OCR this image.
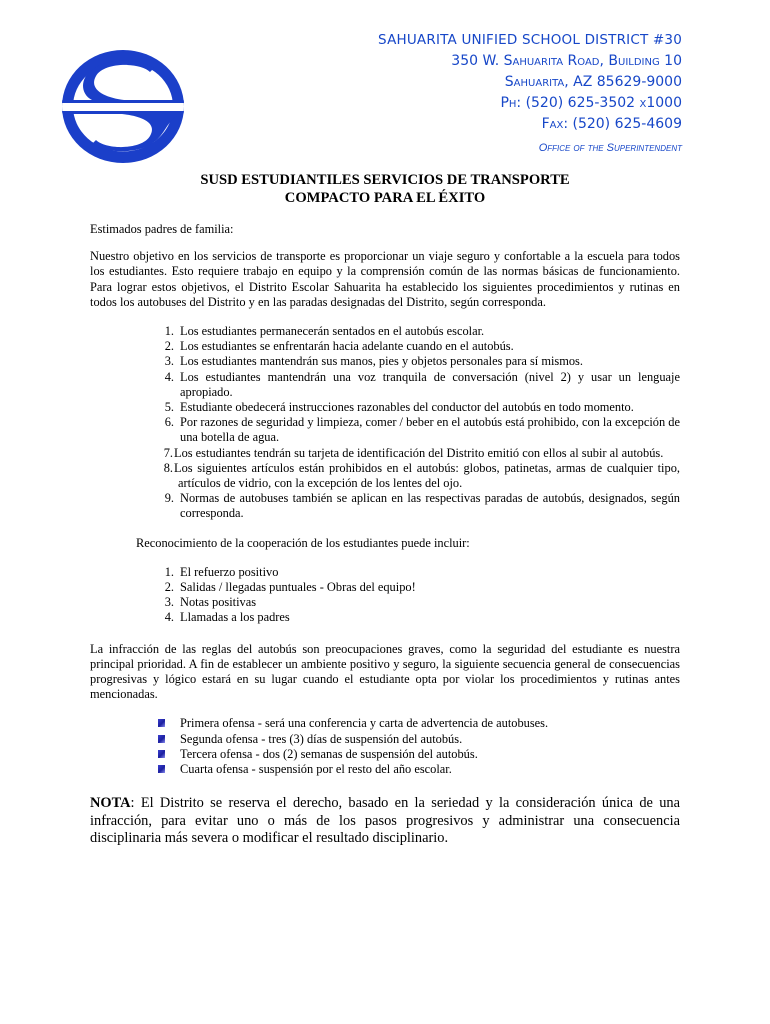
SAHUARITA UNIFIED SCHOOL DISTRICT #30
350 W. Sahuarita Road, Building 10
Sahuarita, AZ 85629-9000
Ph: (520) 625-3502 x1000
Fax: (520) 625-4609
Office of the Superintendent
SUSD ESTUDIANTILES SERVICIOS DE TRANSPORTE
COMPACTO PARA EL ÉXITO

Estimados padres de familia:

Nuestro objetivo en los servicios de transporte es proporcionar un viaje seguro y confortable a la escuela para todos los estudiantes. Esto requiere trabajo en equipo y la comprensión común de las normas básicas de funcionamiento. Para lograr estos objetivos, el Distrito Escolar Sahuarita ha establecido los siguientes procedimientos y rutinas en todos los autobuses del Distrito y en las paradas designadas del Distrito, según corresponda.

1. Los estudiantes permanecerán sentados en el autobús escolar.
2. Los estudiantes se enfrentarán hacia adelante cuando en el autobús.
3. Los estudiantes mantendrán sus manos, pies y objetos personales para sí mismos.
4. Los estudiantes mantendrán una voz tranquila de conversación (nivel 2) y usar un lenguaje apropiado.
5. Estudiante obedecerá instrucciones razonables del conductor del autobús en todo momento.
6. Por razones de seguridad y limpieza, comer / beber en el autobús está prohibido, con la excepción de una botella de agua.
7. Los estudiantes tendrán su tarjeta de identificación del Distrito emitió con ellos al subir al autobús.
8. Los siguientes artículos están prohibidos en el autobús: globos, patinetas, armas de cualquier tipo, artículos de vidrio, con la excepción de los lentes del ojo.
9. Normas de autobuses también se aplican en las respectivas paradas de autobús, designados, según corresponda.

Reconocimiento de la cooperación de los estudiantes puede incluir:

1. El refuerzo positivo
2. Salidas / llegadas puntuales - Obras del equipo!
3. Notas positivas
4. Llamadas a los padres

La infracción de las reglas del autobús son preocupaciones graves, como la seguridad del estudiante es nuestra principal prioridad. A fin de establecer un ambiente positivo y seguro, la siguiente secuencia general de consecuencias progresivas y lógico estará en su lugar cuando el estudiante opta por violar los procedimientos y rutinas antes mencionadas.

Primera ofensa - será una conferencia y carta de advertencia de autobuses.
Segunda ofensa - tres (3) días de suspensión del autobús.
Tercera ofensa - dos (2) semanas de suspensión del autobús.
Cuarta ofensa - suspensión por el resto del año escolar.

NOTA: El Distrito se reserva el derecho, basado en la seriedad y la consideración única de una infracción, para evitar uno o más de los pasos progresivos y administrar una consecuencia disciplinaria más severa o modificar el resultado disciplinario.
